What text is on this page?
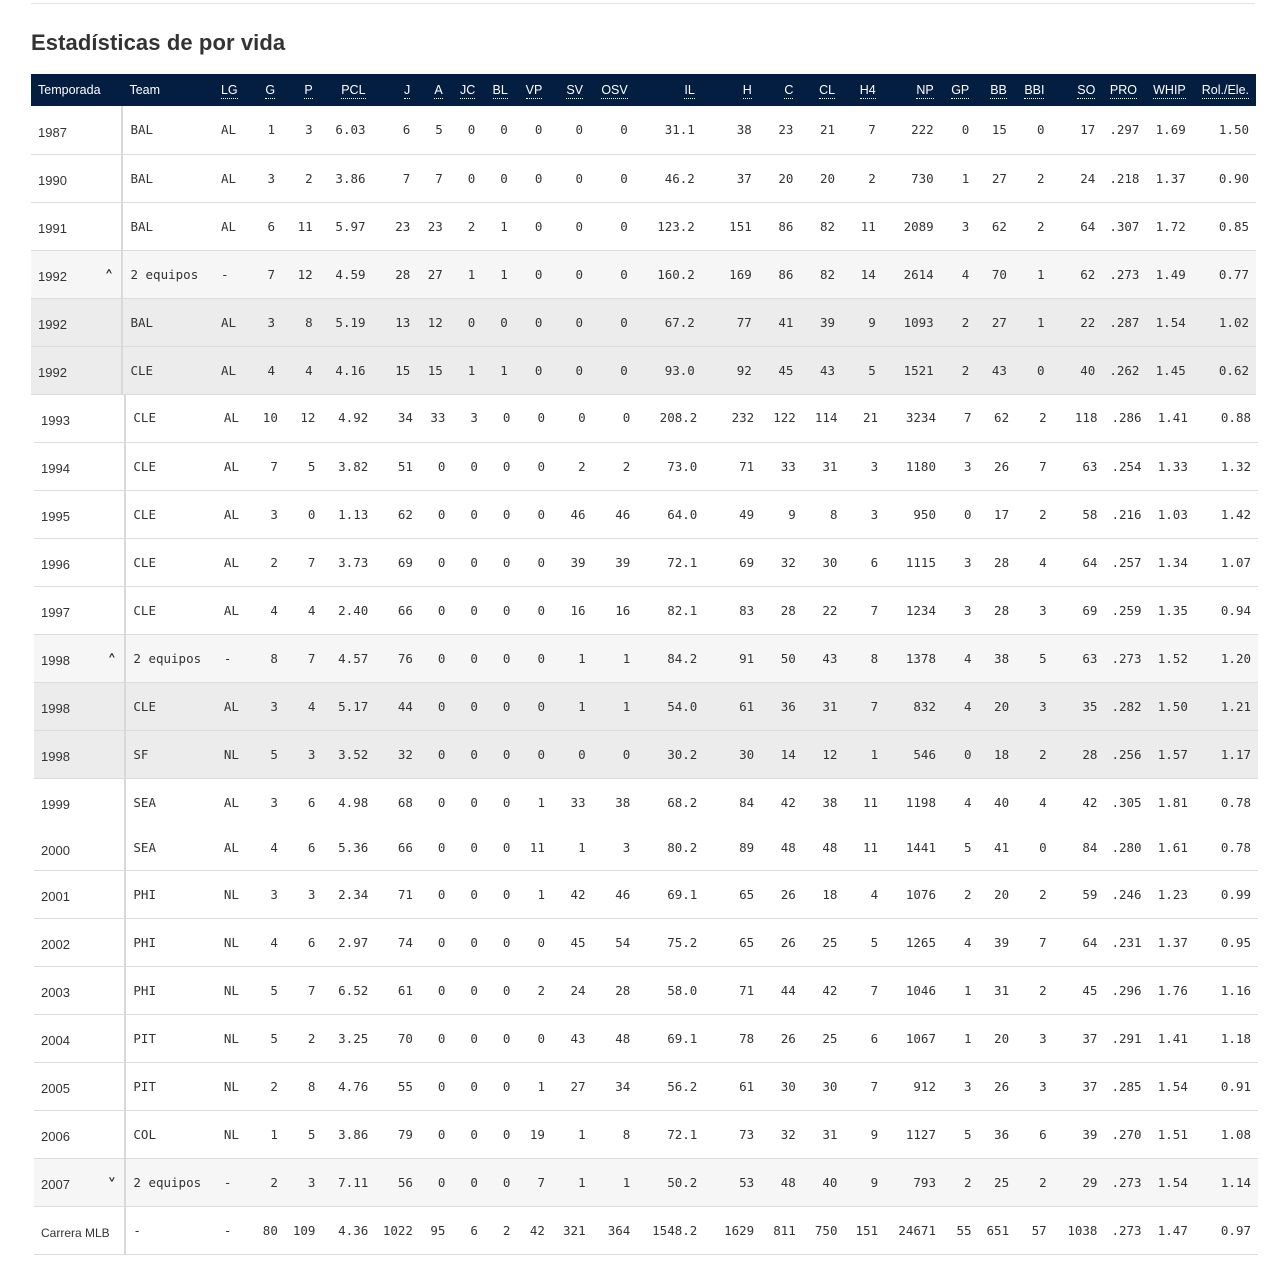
Estadísticas de por vida
Temporada	Team	LG	G	P	PCL	J	A	JC	BL	VP	SV	OSV	IL	H	C	CL	H4	NP	GP	BB	BBI	SO	PRO	WHIP	Rol./Ele.
1987	BAL	AL	1	3	6.03	6	5	0	0	0	0	0	31.1	38	23	21	7	222	0	15	0	17	.297	1.69	1.50
1990	BAL	AL	3	2	3.86	7	7	0	0	0	0	0	46.2	37	20	20	2	730	1	27	2	24	.218	1.37	0.90
1991	BAL	AL	6	11	5.97	23	23	2	1	0	0	0	123.2	151	86	82	11	2089	3	62	2	64	.307	1.72	0.85
1992 ˄	2 equipos	-	7	12	4.59	28	27	1	1	0	0	0	160.2	169	86	82	14	2614	4	70	1	62	.273	1.49	0.77
1992	BAL	AL	3	8	5.19	13	12	0	0	0	0	0	67.2	77	41	39	9	1093	2	27	1	22	.287	1.54	1.02
1992	CLE	AL	4	4	4.16	15	15	1	1	0	0	0	93.0	92	45	43	5	1521	2	43	0	40	.262	1.45	0.62
1993	CLE	AL	10	12	4.92	34	33	3	0	0	0	0	208.2	232	122	114	21	3234	7	62	2	118	.286	1.41	0.88
1994	CLE	AL	7	5	3.82	51	0	0	0	0	2	2	73.0	71	33	31	3	1180	3	26	7	63	.254	1.33	1.32
1995	CLE	AL	3	0	1.13	62	0	0	0	0	46	46	64.0	49	9	8	3	950	0	17	2	58	.216	1.03	1.42
1996	CLE	AL	2	7	3.73	69	0	0	0	0	39	39	72.1	69	32	30	6	1115	3	28	4	64	.257	1.34	1.07
1997	CLE	AL	4	4	2.40	66	0	0	0	0	16	16	82.1	83	28	22	7	1234	3	28	3	69	.259	1.35	0.94
1998 ˄	2 equipos	-	8	7	4.57	76	0	0	0	0	1	1	84.2	91	50	43	8	1378	4	38	5	63	.273	1.52	1.20
1998	CLE	AL	3	4	5.17	44	0	0	0	0	1	1	54.0	61	36	31	7	832	4	20	3	35	.282	1.50	1.21
1998	SF	NL	5	3	3.52	32	0	0	0	0	0	0	30.2	30	14	12	1	546	0	18	2	28	.256	1.57	1.17
1999	SEA	AL	3	6	4.98	68	0	0	0	1	33	38	68.2	84	42	38	11	1198	4	40	4	42	.305	1.81	0.78
2000	SEA	AL	4	6	5.36	66	0	0	0	11	1	3	80.2	89	48	48	11	1441	5	41	0	84	.280	1.61	0.78
2001	PHI	NL	3	3	2.34	71	0	0	0	1	42	46	69.1	65	26	18	4	1076	2	20	2	59	.246	1.23	0.99
2002	PHI	NL	4	6	2.97	74	0	0	0	0	45	54	75.2	65	26	25	5	1265	4	39	7	64	.231	1.37	0.95
2003	PHI	NL	5	7	6.52	61	0	0	0	2	24	28	58.0	71	44	42	7	1046	1	31	2	45	.296	1.76	1.16
2004	PIT	NL	5	2	3.25	70	0	0	0	0	43	48	69.1	78	26	25	6	1067	1	20	3	37	.291	1.41	1.18
2005	PIT	NL	2	8	4.76	55	0	0	0	1	27	34	56.2	61	30	30	7	912	3	26	3	37	.285	1.54	0.91
2006	COL	NL	1	5	3.86	79	0	0	0	19	1	8	72.1	73	32	31	9	1127	5	36	6	39	.270	1.51	1.08
2007 ˅	2 equipos	-	2	3	7.11	56	0	0	0	7	1	1	50.2	53	48	40	9	793	2	25	2	29	.273	1.54	1.14
Carrera MLB	-	-	80	109	4.36	1022	95	6	2	42	321	364	1548.2	1629	811	750	151	24671	55	651	57	1038	.273	1.47	0.97
